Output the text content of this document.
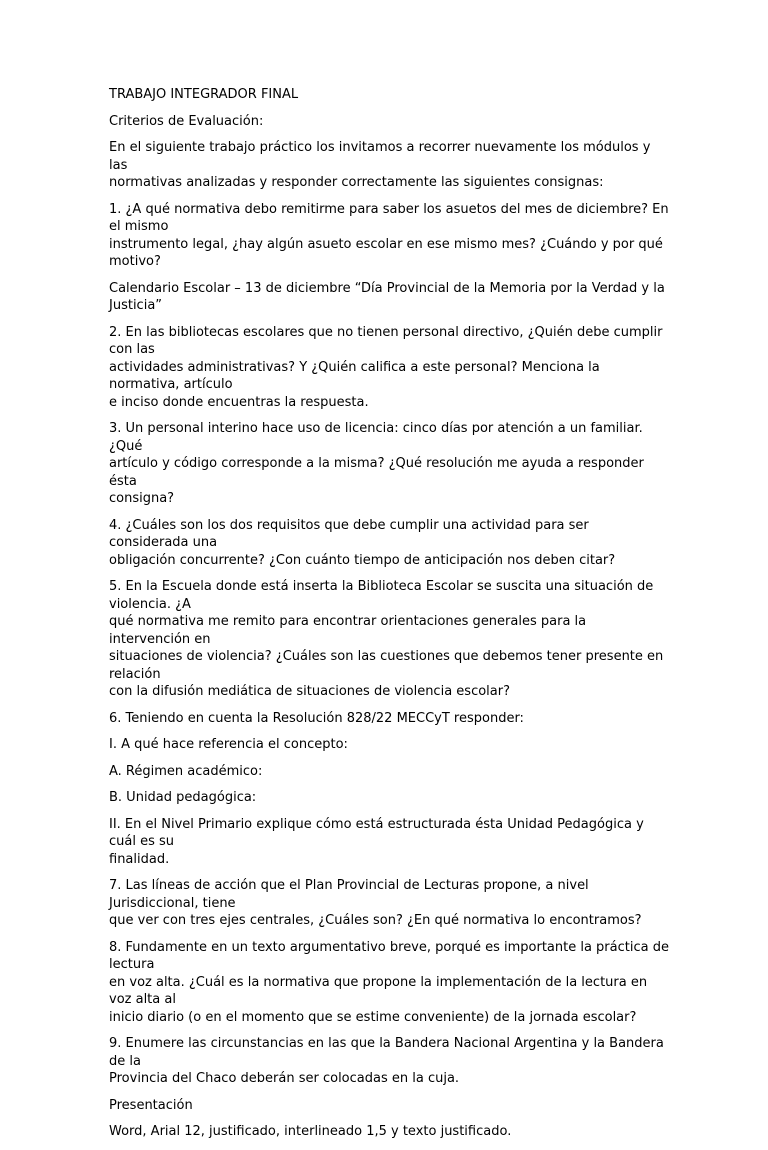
TRABAJO INTEGRADOR FINAL

Criterios de Evaluación:

En el siguiente trabajo práctico los invitamos a recorrer nuevamente los módulos y las
normativas analizadas y responder correctamente las siguientes consignas:
1. ¿A qué normativa debo remitirme para saber los asuetos del mes de diciembre? En el mismo
instrumento legal, ¿hay algún asueto escolar en ese mismo mes? ¿Cuándo y por qué motivo?

Calendario Escolar – 13 de diciembre “Día Provincial de la Memoria por la Verdad y la Justicia”

2. En las bibliotecas escolares que no tienen personal directivo, ¿Quién debe cumplir con las
actividades administrativas? Y ¿Quién califica a este personal? Menciona la normativa, artículo
e inciso donde encuentras la respuesta.
3. Un personal interino hace uso de licencia: cinco días por atención a un familiar. ¿Qué
artículo y código corresponde a la misma? ¿Qué resolución me ayuda a responder ésta
consigna?
4. ¿Cuáles son los dos requisitos que debe cumplir una actividad para ser considerada una
obligación concurrente? ¿Con cuánto tiempo de anticipación nos deben citar?
5. En la Escuela donde está inserta la Biblioteca Escolar se suscita una situación de violencia. ¿A
qué normativa me remito para encontrar orientaciones generales para la intervención en
situaciones de violencia? ¿Cuáles son las cuestiones que debemos tener presente en relación
con la difusión mediática de situaciones de violencia escolar?

6. Teniendo en cuenta la Resolución 828/22 MECCyT responder:

I. A qué hace referencia el concepto:

A. Régimen académico:

B. Unidad pedagógica:

II. En el Nivel Primario explique cómo está estructurada ésta Unidad Pedagógica y cuál es su
finalidad.
7. Las líneas de acción que el Plan Provincial de Lecturas propone, a nivel Jurisdiccional, tiene
que ver con tres ejes centrales, ¿Cuáles son? ¿En qué normativa lo encontramos?
8. Fundamente en un texto argumentativo breve, porqué es importante la práctica de lectura
en voz alta. ¿Cuál es la normativa que propone la implementación de la lectura en voz alta al
inicio diario (o en el momento que se estime conveniente) de la jornada escolar?
9. Enumere las circunstancias en las que la Bandera Nacional Argentina y la Bandera de la
Provincia del Chaco deberán ser colocadas en la cuja.

Presentación

Word, Arial 12, justificado, interlineado 1,5 y texto justificado.
